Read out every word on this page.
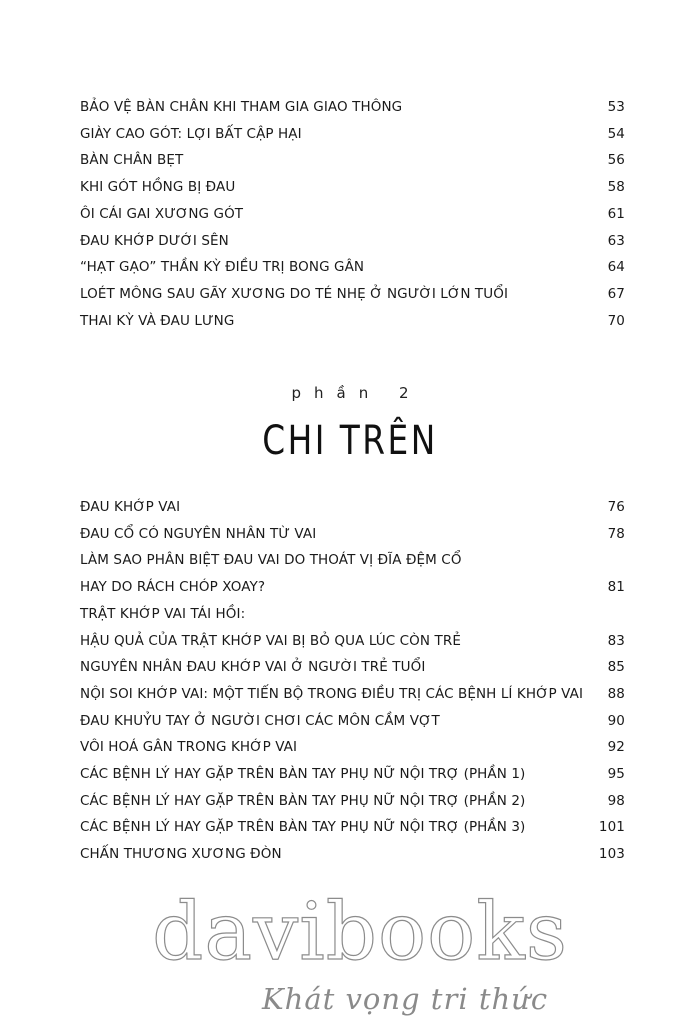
BẢO VỆ BÀN CHÂN KHI THAM GIA GIAO THÔNG	53
GIÀY CAO GÓT: LỢI BẤT CẬP HẠI	54
BÀN CHÂN BẸT	56
KHI GÓT HỒNG BỊ ĐAU	58
ÔI CÁI GAI XƯƠNG GÓT	61
ĐAU KHỚP DƯỚI SÊN	63
“HẠT GẠO” THẦN KỲ ĐIỀU TRỊ BONG GÂN	64
LOÉT MÔNG SAU GÃY XƯƠNG DO TÉ NHẸ Ở NGƯỜI LỚN TUỔI	67
THAI KỲ VÀ ĐAU LƯNG	70
phần 2
CHI TRÊN
ĐAU KHỚP VAI	76
ĐAU CỔ CÓ NGUYÊN NHÂN TỪ VAI	78
LÀM SAO PHÂN BIỆT ĐAU VAI DO THOÁT VỊ ĐĨA ĐỆM CỔ
HAY DO RÁCH CHÓP XOAY?	81
TRẬT KHỚP VAI TÁI HỒI:
HẬU QUẢ CỦA TRẬT KHỚP VAI BỊ BỎ QUA LÚC CÒN TRẺ	83
NGUYÊN NHÂN ĐAU KHỚP VAI Ở NGƯỜI TRẺ TUỔI	85
NỘI SOI KHỚP VAI: MỘT TIẾN BỘ TRONG ĐIỀU TRỊ CÁC BỆNH LÍ KHỚP VAI	88
ĐAU KHUỶU TAY Ở NGƯỜI CHƠI CÁC MÔN CẦM VỢT	90
VÔI HOÁ GÂN TRONG KHỚP VAI	92
CÁC BỆNH LÝ HAY GẶP TRÊN BÀN TAY PHỤ NỮ NỘI TRỢ (PHẦN 1)	95
CÁC BỆNH LÝ HAY GẶP TRÊN BÀN TAY PHỤ NỮ NỘI TRỢ (PHẦN 2)	98
CÁC BỆNH LÝ HAY GẶP TRÊN BÀN TAY PHỤ NỮ NỘI TRỢ (PHẦN 3)	101
CHẤN THƯƠNG XƯƠNG ĐÒN	103
davibooks
Khát vọng tri thức
